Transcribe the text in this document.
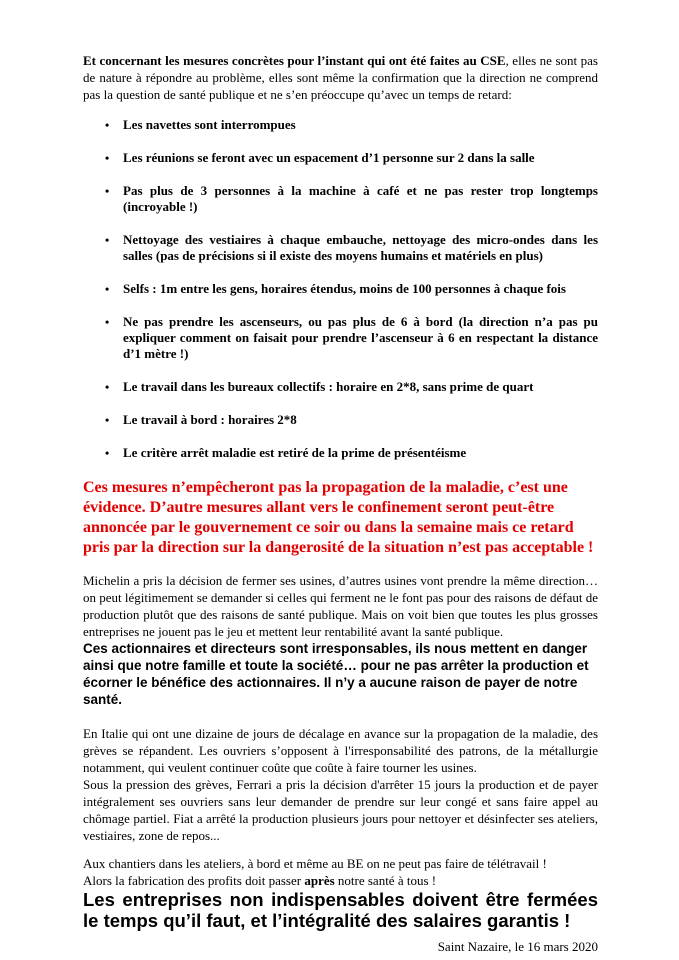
Et concernant les mesures concrètes pour l’instant qui ont été faites au CSE, elles ne sont pas de nature à répondre au problème, elles sont même la confirmation que la direction ne comprend pas la question de santé publique et ne s’en préoccupe qu’avec un temps de retard:

• Les navettes sont interrompues
• Les réunions se feront avec un espacement d’1 personne sur 2 dans la salle
• Pas plus de 3 personnes à la machine à café et ne pas rester trop longtemps (incroyable !)
• Nettoyage des vestiaires à chaque embauche, nettoyage des micro-ondes dans les salles (pas de précisions si il existe des moyens humains et matériels en plus)
• Selfs : 1m entre les gens, horaires étendus, moins de 100 personnes à chaque fois
• Ne pas prendre les ascenseurs, ou pas plus de 6 à bord (la direction n’a pas pu expliquer comment on faisait pour prendre l’ascenseur à 6 en respectant la distance d’1 mètre !)
• Le travail dans les bureaux collectifs : horaire en 2*8, sans prime de quart
• Le travail à bord : horaires 2*8
• Le critère arrêt maladie est retiré de la prime de présentéisme

Ces mesures n’empêcheront pas la propagation de la maladie, c’est une évidence. D’autre mesures allant vers le confinement seront peut-être annoncée par le gouvernement ce soir ou dans la semaine mais ce retard pris par la direction sur la dangerosité de la situation n’est pas acceptable !

Michelin a pris la décision de fermer ses usines, d’autres usines vont prendre la même direction… on peut légitimement se demander si celles qui ferment ne le font pas pour des raisons de défaut de production plutôt que des raisons de santé publique. Mais on voit bien que toutes les plus grosses entreprises ne jouent pas le jeu et mettent leur rentabilité avant la santé publique.

Ces actionnaires et directeurs sont irresponsables, ils nous mettent en danger ainsi que notre famille et toute la société… pour ne pas arrêter la production et écorner le bénéfice des actionnaires. Il n’y a aucune raison de payer de notre santé.

En Italie qui ont une dizaine de jours de décalage en avance sur la propagation de la maladie, des grèves se répandent. Les ouvriers s’opposent à l'irresponsabilité des patrons, de la métallurgie notamment, qui veulent continuer coûte que coûte à faire tourner les usines.

Sous la pression des grèves, Ferrari a pris la décision d'arrêter 15 jours la production et de payer intégralement ses ouvriers sans leur demander de prendre sur leur congé et sans faire appel au chômage partiel. Fiat a arrêté la production plusieurs jours pour nettoyer et désinfecter ses ateliers, vestiaires, zone de repos...

Aux chantiers dans les ateliers, à bord et même au BE on ne peut pas faire de télétravail !

Alors la fabrication des profits doit passer après notre santé à tous !

Les entreprises non indispensables doivent être fermées le temps qu’il faut, et l’intégralité des salaires garantis !

Saint Nazaire, le 16 mars 2020
